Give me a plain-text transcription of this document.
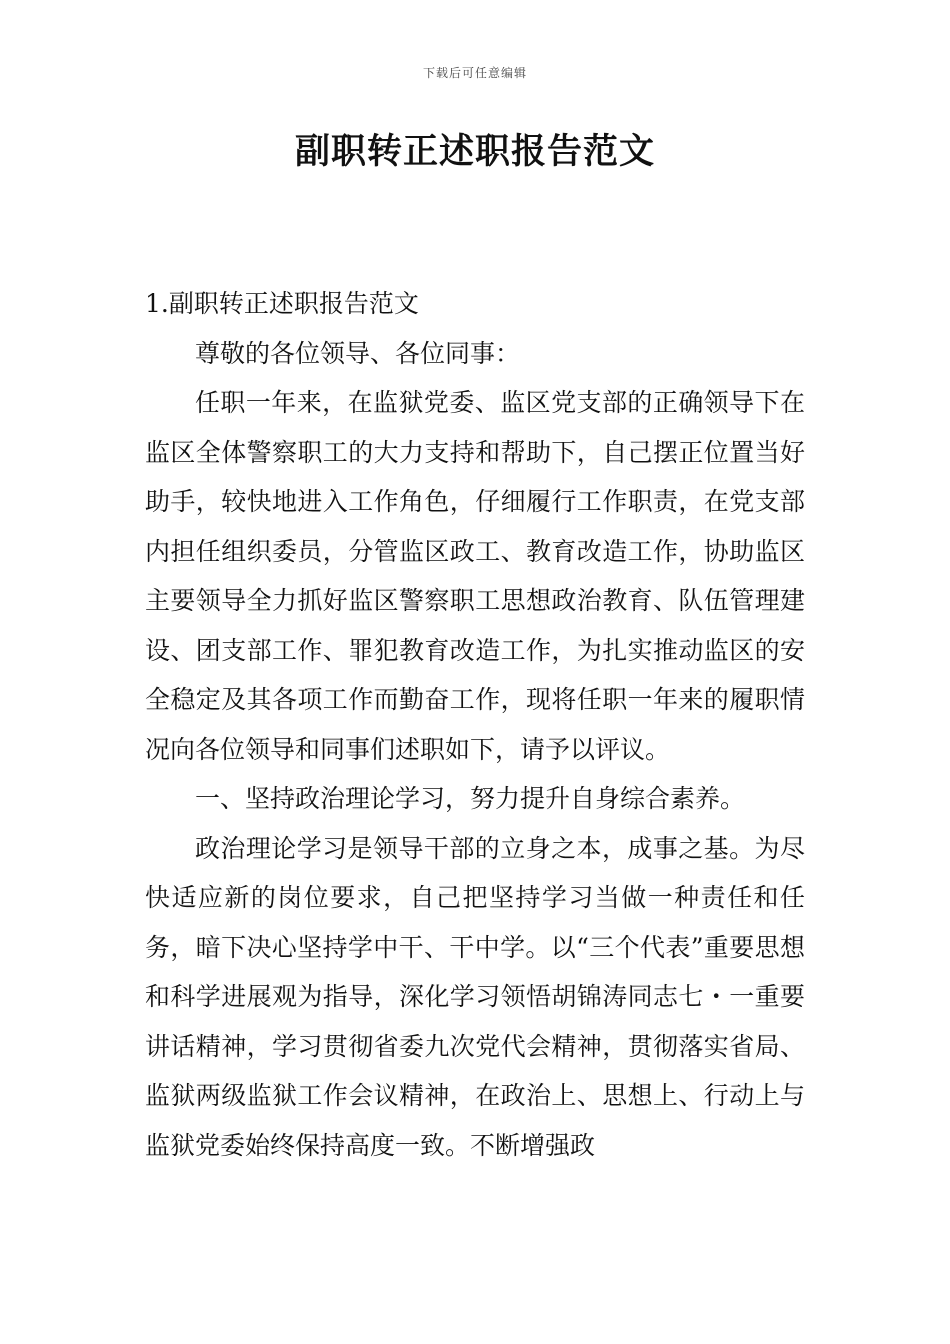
下载后可任意编辑
副职转正述职报告范文

1.副职转正述职报告范文

尊敬的各位领导、各位同事：

任职一年来，在监狱党委、监区党支部的正确领导下在监区全体警察职工的大力支持和帮助下，自己摆正位置当好助手，较快地进入工作角色，仔细履行工作职责，在党支部内担任组织委员，分管监区政工、教育改造工作，协助监区主要领导全力抓好监区警察职工思想政治教育、队伍管理建设、团支部工作、罪犯教育改造工作，为扎实推动监区的安全稳定及其各项工作而勤奋工作，现将任职一年来的履职情况向各位领导和同事们述职如下，请予以评议。

一、坚持政治理论学习，努力提升自身综合素养。

政治理论学习是领导干部的立身之本，成事之基。为尽快适应新的岗位要求，自己把坚持学习当做一种责任和任务，暗下决心坚持学中干、干中学。以“三个代表”重要思想和科学进展观为指导，深化学习领悟胡锦涛同志七・一重要讲话精神，学习贯彻省委九次党代会精神，贯彻落实省局、监狱两级监狱工作会议精神，在政治上、思想上、行动上与监狱党委始终保持高度一致。不断增强政
